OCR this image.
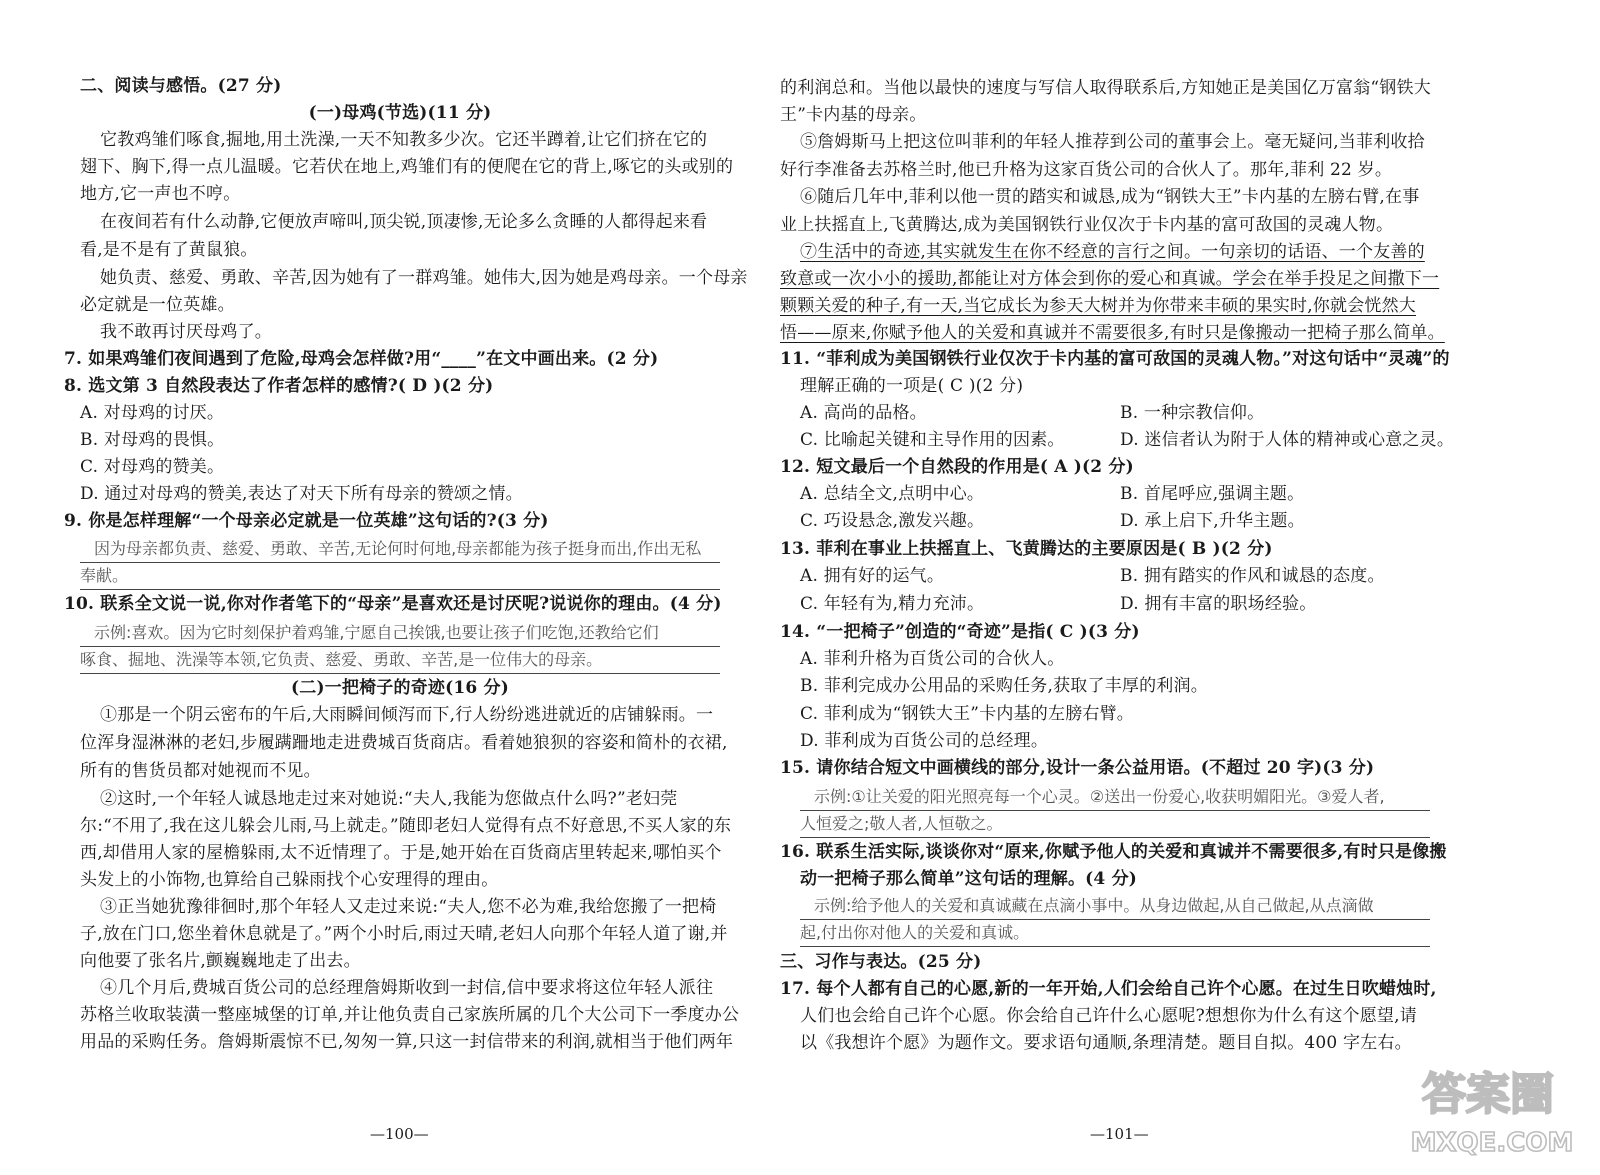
二、阅读与感悟。(27 分)
(一)母鸡(节选)(11 分)
它教鸡雏们啄食,掘地,用土洗澡,一天不知教多少次。它还半蹲着,让它们挤在它的
翅下、胸下,得一点儿温暖。它若伏在地上,鸡雏们有的便爬在它的背上,啄它的头或别的
地方,它一声也不哼。
在夜间若有什么动静,它便放声啼叫,顶尖锐,顶凄惨,无论多么贪睡的人都得起来看
看,是不是有了黄鼠狼。
她负责、慈爱、勇敢、辛苦,因为她有了一群鸡雏。她伟大,因为她是鸡母亲。一个母亲
必定就是一位英雄。
我不敢再讨厌母鸡了。
7. 如果鸡雏们夜间遇到了危险,母鸡会怎样做?用“____”在文中画出来。(2 分)
8. 选文第 3 自然段表达了作者怎样的感情?( D )(2 分)
A. 对母鸡的讨厌。
B. 对母鸡的畏惧。
C. 对母鸡的赞美。
D. 通过对母鸡的赞美,表达了对天下所有母亲的赞颂之情。
9. 你是怎样理解“一个母亲必定就是一位英雄”这句话的?(3 分)
因为母亲都负责、慈爱、勇敢、辛苦,无论何时何地,母亲都能为孩子挺身而出,作出无私
奉献。
10. 联系全文说一说,你对作者笔下的“母亲”是喜欢还是讨厌呢?说说你的理由。(4 分)
示例:喜欢。因为它时刻保护着鸡雏,宁愿自己挨饿,也要让孩子们吃饱,还教给它们
啄食、掘地、洗澡等本领,它负责、慈爱、勇敢、辛苦,是一位伟大的母亲。
(二)一把椅子的奇迹(16 分)
①那是一个阴云密布的午后,大雨瞬间倾泻而下,行人纷纷逃进就近的店铺躲雨。一
位浑身湿淋淋的老妇,步履蹒跚地走进费城百货商店。看着她狼狈的容姿和简朴的衣裙,
所有的售货员都对她视而不见。
②这时,一个年轻人诚恳地走过来对她说:“夫人,我能为您做点什么吗?”老妇莞
尔:“不用了,我在这儿躲会儿雨,马上就走。”随即老妇人觉得有点不好意思,不买人家的东
西,却借用人家的屋檐躲雨,太不近情理了。于是,她开始在百货商店里转起来,哪怕买个
头发上的小饰物,也算给自己躲雨找个心安理得的理由。
③正当她犹豫徘徊时,那个年轻人又走过来说:“夫人,您不必为难,我给您搬了一把椅
子,放在门口,您坐着休息就是了。”两个小时后,雨过天晴,老妇人向那个年轻人道了谢,并
向他要了张名片,颤巍巍地走了出去。
④几个月后,费城百货公司的总经理詹姆斯收到一封信,信中要求将这位年轻人派往
苏格兰收取装潢一整座城堡的订单,并让他负责自己家族所属的几个大公司下一季度办公
用品的采购任务。詹姆斯震惊不已,匆匆一算,只这一封信带来的利润,就相当于他们两年
—100—
的利润总和。当他以最快的速度与写信人取得联系后,方知她正是美国亿万富翁“钢铁大
王”卡内基的母亲。
⑤詹姆斯马上把这位叫菲利的年轻人推荐到公司的董事会上。毫无疑问,当菲利收拾
好行李准备去苏格兰时,他已升格为这家百货公司的合伙人了。那年,菲利 22 岁。
⑥随后几年中,菲利以他一贯的踏实和诚恳,成为“钢铁大王”卡内基的左膀右臂,在事
业上扶摇直上,飞黄腾达,成为美国钢铁行业仅次于卡内基的富可敌国的灵魂人物。
⑦生活中的奇迹,其实就发生在你不经意的言行之间。一句亲切的话语、一个友善的
致意或一次小小的援助,都能让对方体会到你的爱心和真诚。学会在举手投足之间撒下一
颗颗关爱的种子,有一天,当它成长为参天大树并为你带来丰硕的果实时,你就会恍然大
悟——原来,你赋予他人的关爱和真诚并不需要很多,有时只是像搬动一把椅子那么简单。
11. “菲利成为美国钢铁行业仅次于卡内基的富可敌国的灵魂人物。”对这句话中“灵魂”的
理解正确的一项是( C )(2 分)
A. 高尚的品格。	B. 一种宗教信仰。
C. 比喻起关键和主导作用的因素。	D. 迷信者认为附于人体的精神或心意之灵。
12. 短文最后一个自然段的作用是( A )(2 分)
A. 总结全文,点明中心。	B. 首尾呼应,强调主题。
C. 巧设悬念,激发兴趣。	D. 承上启下,升华主题。
13. 菲利在事业上扶摇直上、飞黄腾达的主要原因是( B )(2 分)
A. 拥有好的运气。	B. 拥有踏实的作风和诚恳的态度。
C. 年轻有为,精力充沛。	D. 拥有丰富的职场经验。
14. “一把椅子”创造的“奇迹”是指( C )(3 分)
A. 菲利升格为百货公司的合伙人。
B. 菲利完成办公用品的采购任务,获取了丰厚的利润。
C. 菲利成为“钢铁大王”卡内基的左膀右臂。
D. 菲利成为百货公司的总经理。
15. 请你结合短文中画横线的部分,设计一条公益用语。(不超过 20 字)(3 分)
示例:①让关爱的阳光照亮每一个心灵。②送出一份爱心,收获明媚阳光。③爱人者,
人恒爱之;敬人者,人恒敬之。
16. 联系生活实际,谈谈你对“原来,你赋予他人的关爱和真诚并不需要很多,有时只是像搬
动一把椅子那么简单”这句话的理解。(4 分)
示例:给予他人的关爱和真诚藏在点滴小事中。从身边做起,从自己做起,从点滴做
起,付出你对他人的关爱和真诚。
三、习作与表达。(25 分)
17. 每个人都有自己的心愿,新的一年开始,人们会给自己许个心愿。在过生日吹蜡烛时,
人们也会给自己许个心愿。你会给自己许什么心愿呢?想想你为什么有这个愿望,请
以《我想许个愿》为题作文。要求语句通顺,条理清楚。题目自拟。400 字左右。
—101—
答案圈
MXQE.COM
